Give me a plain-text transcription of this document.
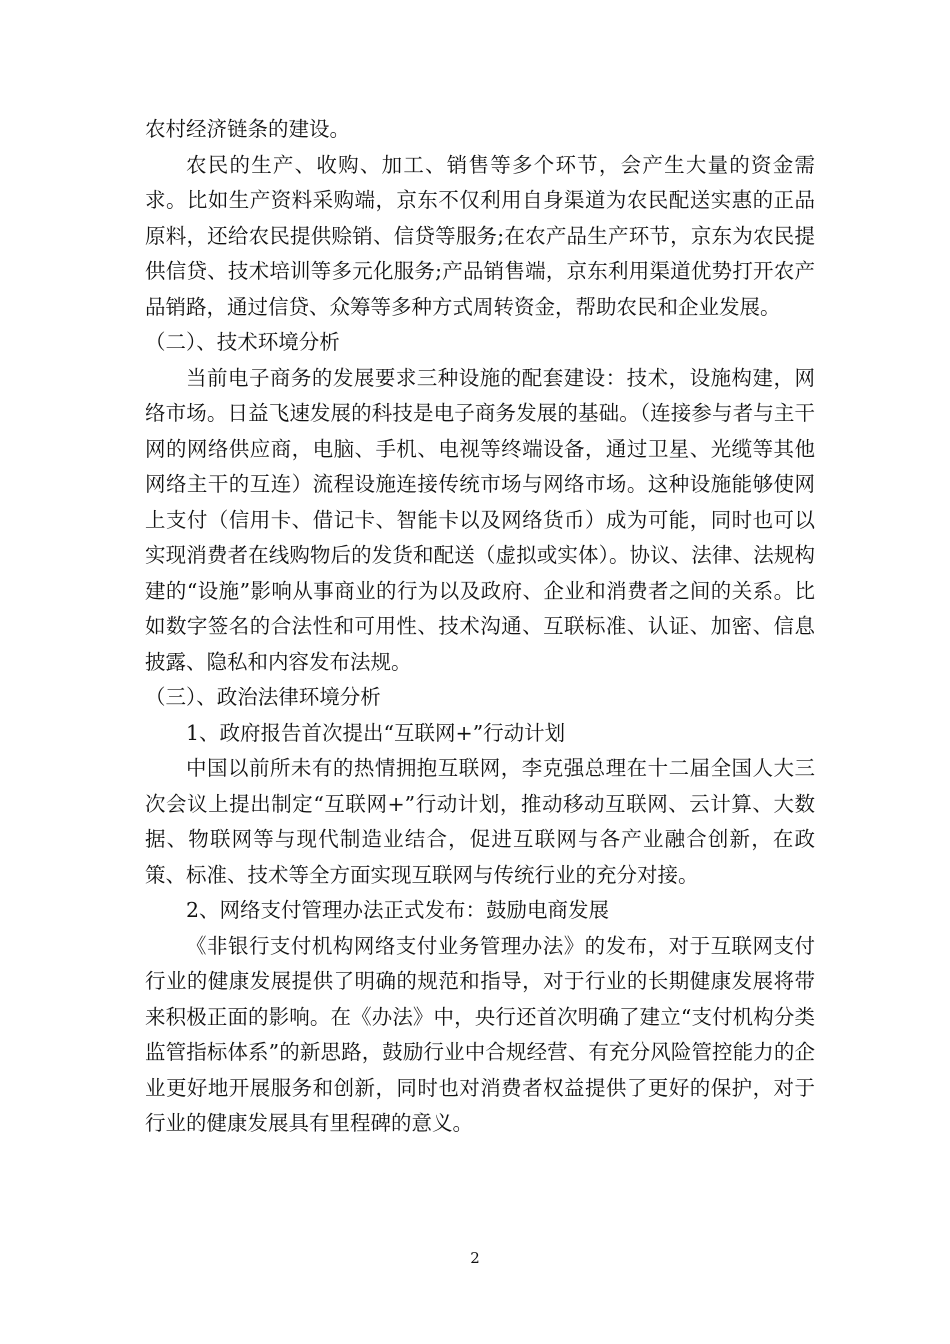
农村经济链条的建设。

农民的生产、收购、加工、销售等多个环节，会产生大量的资金需求。比如生产资料采购端，京东不仅利用自身渠道为农民配送实惠的正品原料，还给农民提供赊销、信贷等服务;在农产品生产环节，京东为农民提供信贷、技术培训等多元化服务;产品销售端，京东利用渠道优势打开农产品销路，通过信贷、众筹等多种方式周转资金，帮助农民和企业发展。

（二）、技术环境分析

当前电子商务的发展要求三种设施的配套建设：技术，设施构建，网络市场。日益飞速发展的科技是电子商务发展的基础。（连接参与者与主干网的网络供应商，电脑、手机、电视等终端设备，通过卫星、光缆等其他网络主干的互连）流程设施连接传统市场与网络市场。这种设施能够使网上支付（信用卡、借记卡、智能卡以及网络货币）成为可能，同时也可以实现消费者在线购物后的发货和配送（虚拟或实体）。协议、法律、法规构建的“设施”影响从事商业的行为以及政府、企业和消费者之间的关系。比如数字签名的合法性和可用性、技术沟通、互联标准、认证、加密、信息披露、隐私和内容发布法规。

（三）、政治法律环境分析

1、政府报告首次提出“互联网+”行动计划

中国以前所未有的热情拥抱互联网，李克强总理在十二届全国人大三次会议上提出制定“互联网+”行动计划，推动移动互联网、云计算、大数据、物联网等与现代制造业结合，促进互联网与各产业融合创新，在政策、标准、技术等全方面实现互联网与传统行业的充分对接。

2、网络支付管理办法正式发布：鼓励电商发展

《非银行支付机构网络支付业务管理办法》的发布，对于互联网支付行业的健康发展提供了明确的规范和指导，对于行业的长期健康发展将带来积极正面的影响。在《办法》中，央行还首次明确了建立“支付机构分类监管指标体系”的新思路，鼓励行业中合规经营、有充分风险管控能力的企业更好地开展服务和创新，同时也对消费者权益提供了更好的保护，对于行业的健康发展具有里程碑的意义。

2
